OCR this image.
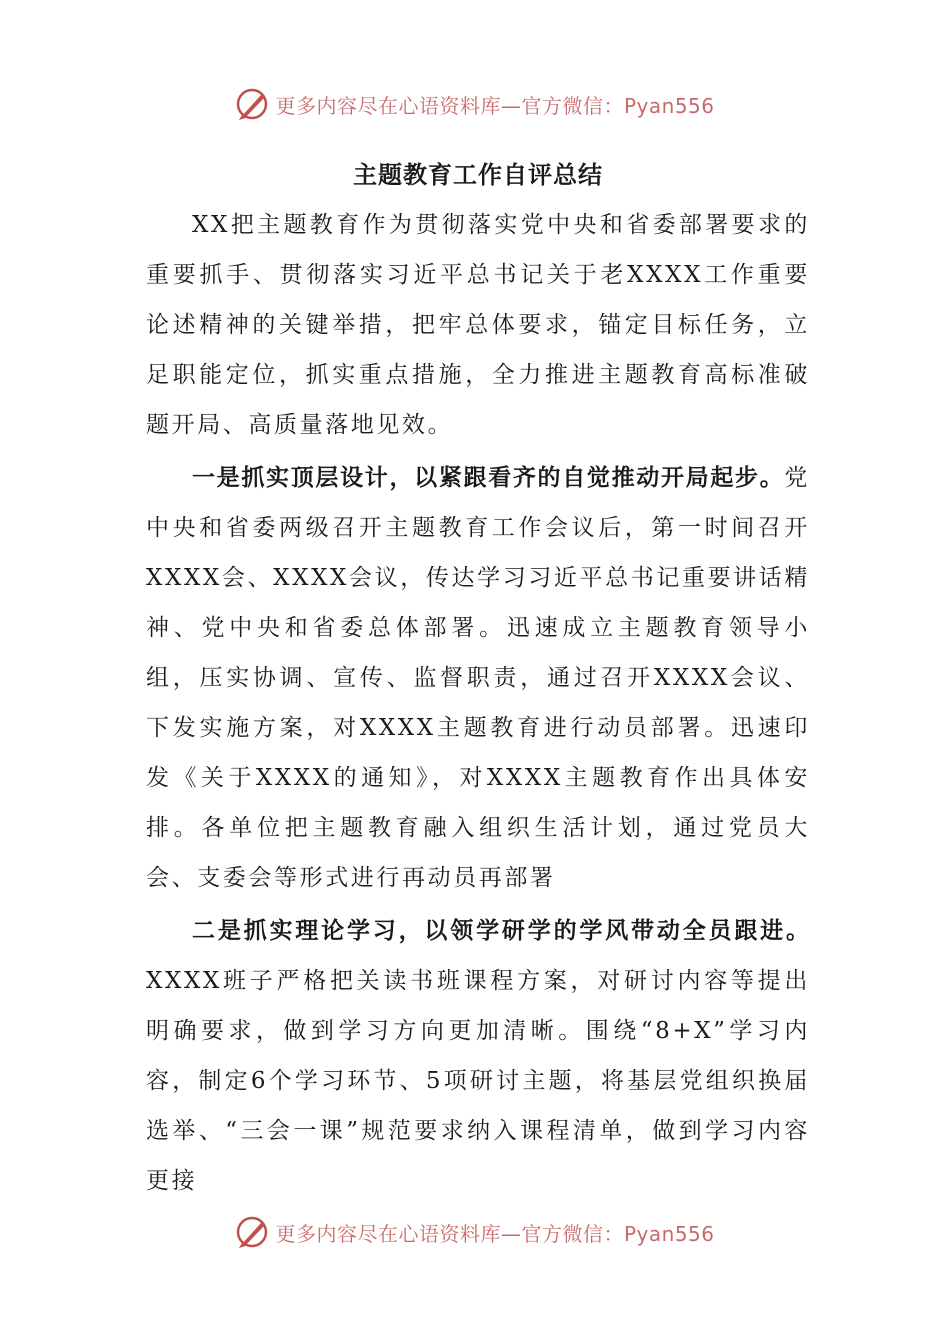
更多内容尽在心语资料库—官方微信：Pyan556
主题教育工作自评总结

XX把主题教育作为贯彻落实党中央和省委部署要求的重要抓手、贯彻落实习近平总书记关于老XXXX工作重要论述精神的关键举措，把牢总体要求，锚定目标任务，立足职能定位，抓实重点措施，全力推进主题教育高标准破题开局、高质量落地见效。

一是抓实顶层设计，以紧跟看齐的自觉推动开局起步。党中央和省委两级召开主题教育工作会议后，第一时间召开XXXX会、XXXX会议，传达学习习近平总书记重要讲话精神、党中央和省委总体部署。迅速成立主题教育领导小组，压实协调、宣传、监督职责，通过召开XXXX会议、下发实施方案，对XXXX主题教育进行动员部署。迅速印发《关于XXXX的通知》，对XXXX主题教育作出具体安排。各单位把主题教育融入组织生活计划，通过党员大会、支委会等形式进行再动员再部署

二是抓实理论学习，以领学研学的学风带动全员跟进。XXXX班子严格把关读书班课程方案，对研讨内容等提出明确要求，做到学习方向更加清晰。围绕“8+X”学习内容，制定6个学习环节、5项研讨主题，将基层党组织换届选举、“三会一课”规范要求纳入课程清单，做到学习内容更接

更多内容尽在心语资料库—官方微信：Pyan556
